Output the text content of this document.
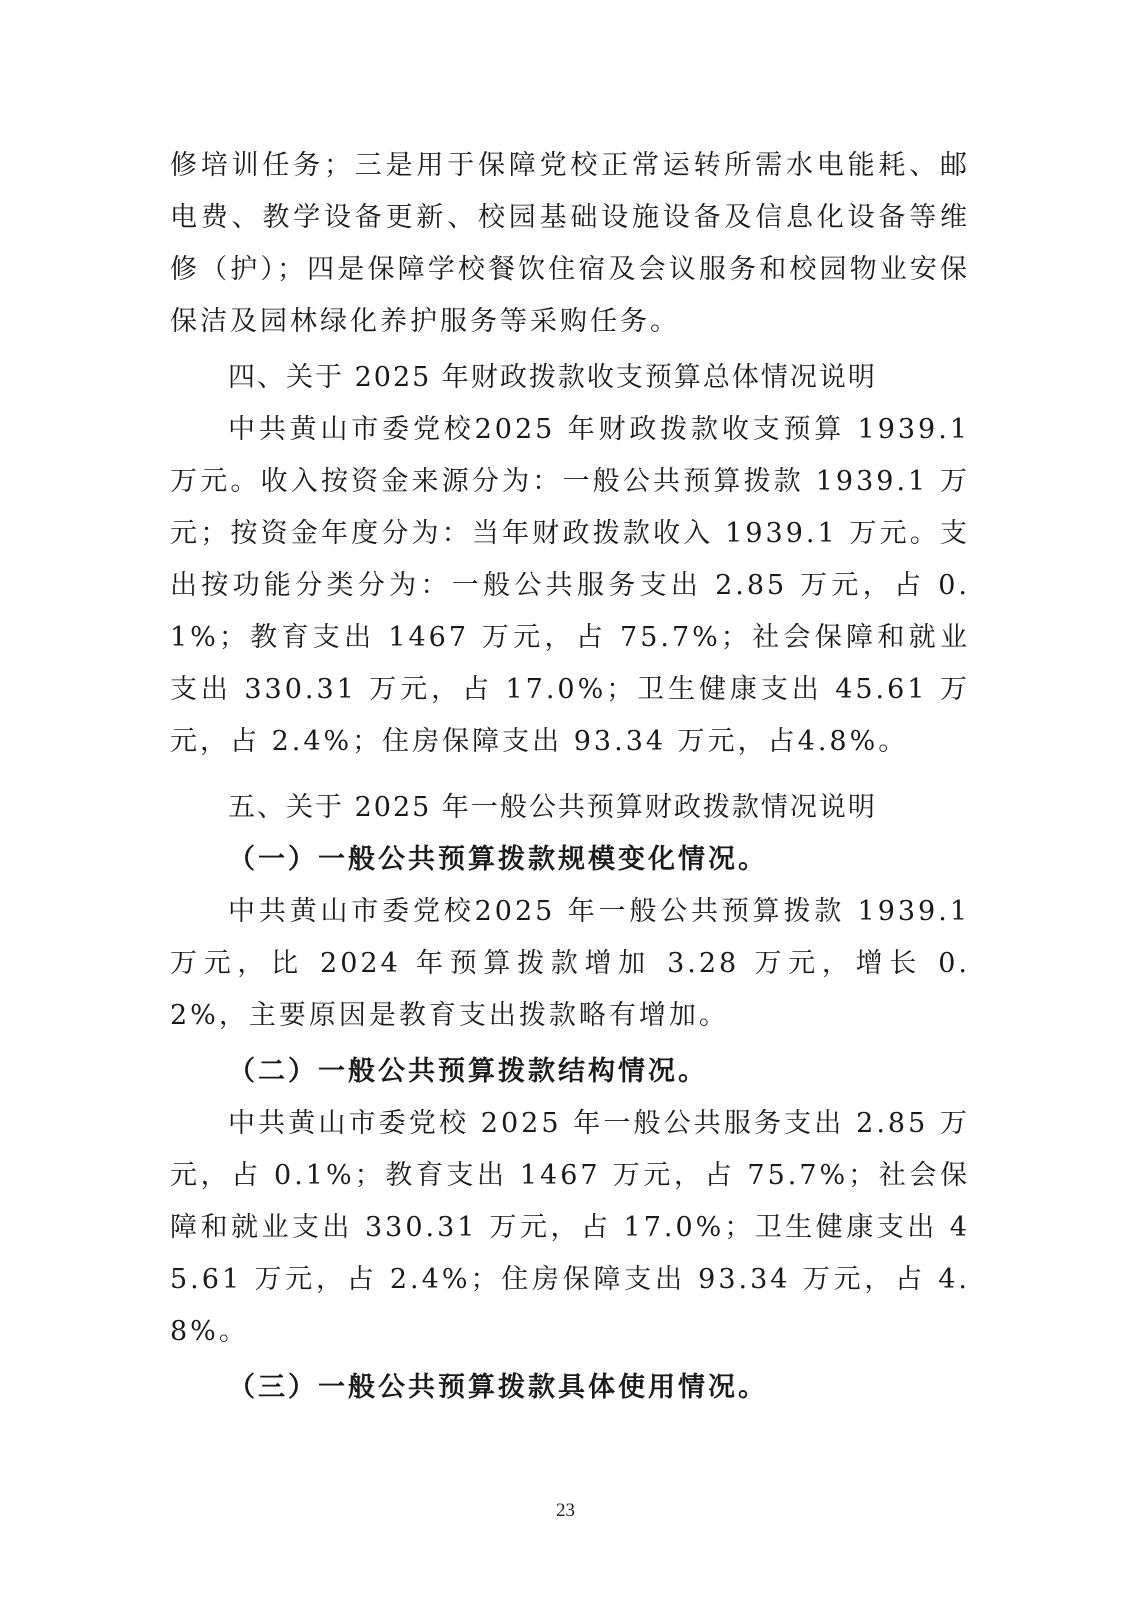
修培训任务；三是用于保障党校正常运转所需水电能耗、邮电费、教学设备更新、校园基础设施设备及信息化设备等维修（护）；四是保障学校餐饮住宿及会议服务和校园物业安保保洁及园林绿化养护服务等采购任务。

四、关于 2025 年财政拨款收支预算总体情况说明

中共黄山市委党校2025 年财政拨款收支预算 1939.1 万元。收入按资金来源分为：一般公共预算拨款 1939.1 万 元；按资金年度分为：当年财政拨款收入 1939.1 万元。支出按功能分类分为：一般公共服务支出 2.85 万元，占 0.1%；教育支出 1467 万元，占 75.7%；社会保障和就业支出 330.31 万元，占 17.0%；卫生健康支出 45.61 万元，占 2.4%；住房保障支出 93.34 万元，占4.8%。

五、关于 2025 年一般公共预算财政拨款情况说明

（一）一般公共预算拨款规模变化情况。

中共黄山市委党校2025 年一般公共预算拨款 1939.1 万元，比 2024 年预算拨款增加 3.28 万元，增长 0.2%，主要原因是教育支出拨款略有增加。

（二）一般公共预算拨款结构情况。

中共黄山市委党校 2025 年一般公共服务支出 2.85 万元，占 0.1%；教育支出 1467 万元，占 75.7%；社会保障和就业支出 330.31 万元，占 17.0%；卫生健康支出 45.61 万元，占 2.4%；住房保障支出 93.34 万元，占 4.8%。

（三）一般公共预算拨款具体使用情况。

23
